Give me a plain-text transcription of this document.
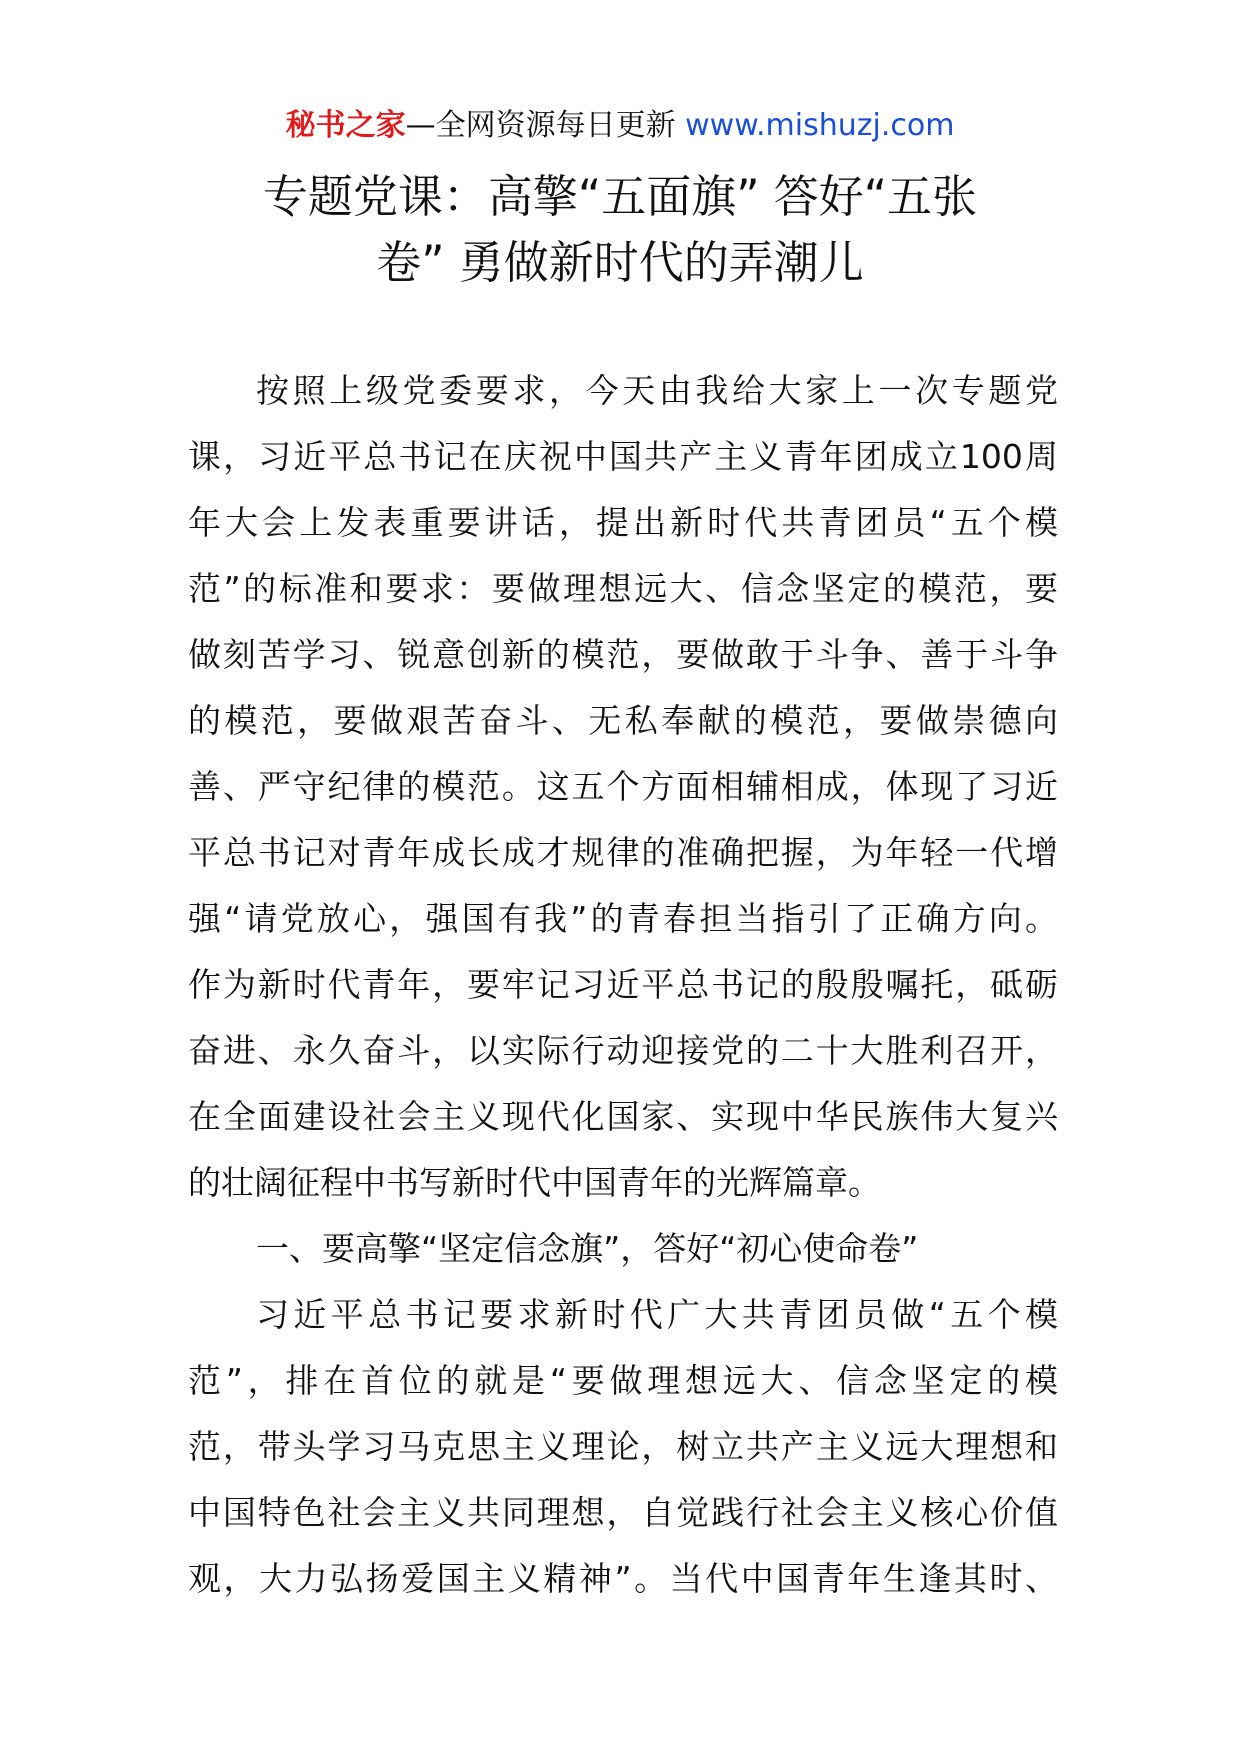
秘书之家—全网资源每日更新 www.mishuzj.com
专题党课：高擎“五面旗” 答好“五张
卷” 勇做新时代的弄潮儿
按照上级党委要求，今天由我给大家上一次专题党
课，习近平总书记在庆祝中国共产主义青年团成立100周
年大会上发表重要讲话，提出新时代共青团员“五个模
范”的标准和要求：要做理想远大、信念坚定的模范，要
做刻苦学习、锐意创新的模范，要做敢于斗争、善于斗争
的模范，要做艰苦奋斗、无私奉献的模范，要做崇德向
善、严守纪律的模范。这五个方面相辅相成，体现了习近
平总书记对青年成长成才规律的准确把握，为年轻一代增
强“请党放心，强国有我”的青春担当指引了正确方向。
作为新时代青年，要牢记习近平总书记的殷殷嘱托，砥砺
奋进、永久奋斗，以实际行动迎接党的二十大胜利召开，
在全面建设社会主义现代化国家、实现中华民族伟大复兴
的壮阔征程中书写新时代中国青年的光辉篇章。
一、要高擎“坚定信念旗”，答好“初心使命卷”
习近平总书记要求新时代广大共青团员做“五个模
范”，排在首位的就是“要做理想远大、信念坚定的模
范，带头学习马克思主义理论，树立共产主义远大理想和
中国特色社会主义共同理想，自觉践行社会主义核心价值
观，大力弘扬爱国主义精神”。当代中国青年生逢其时、
